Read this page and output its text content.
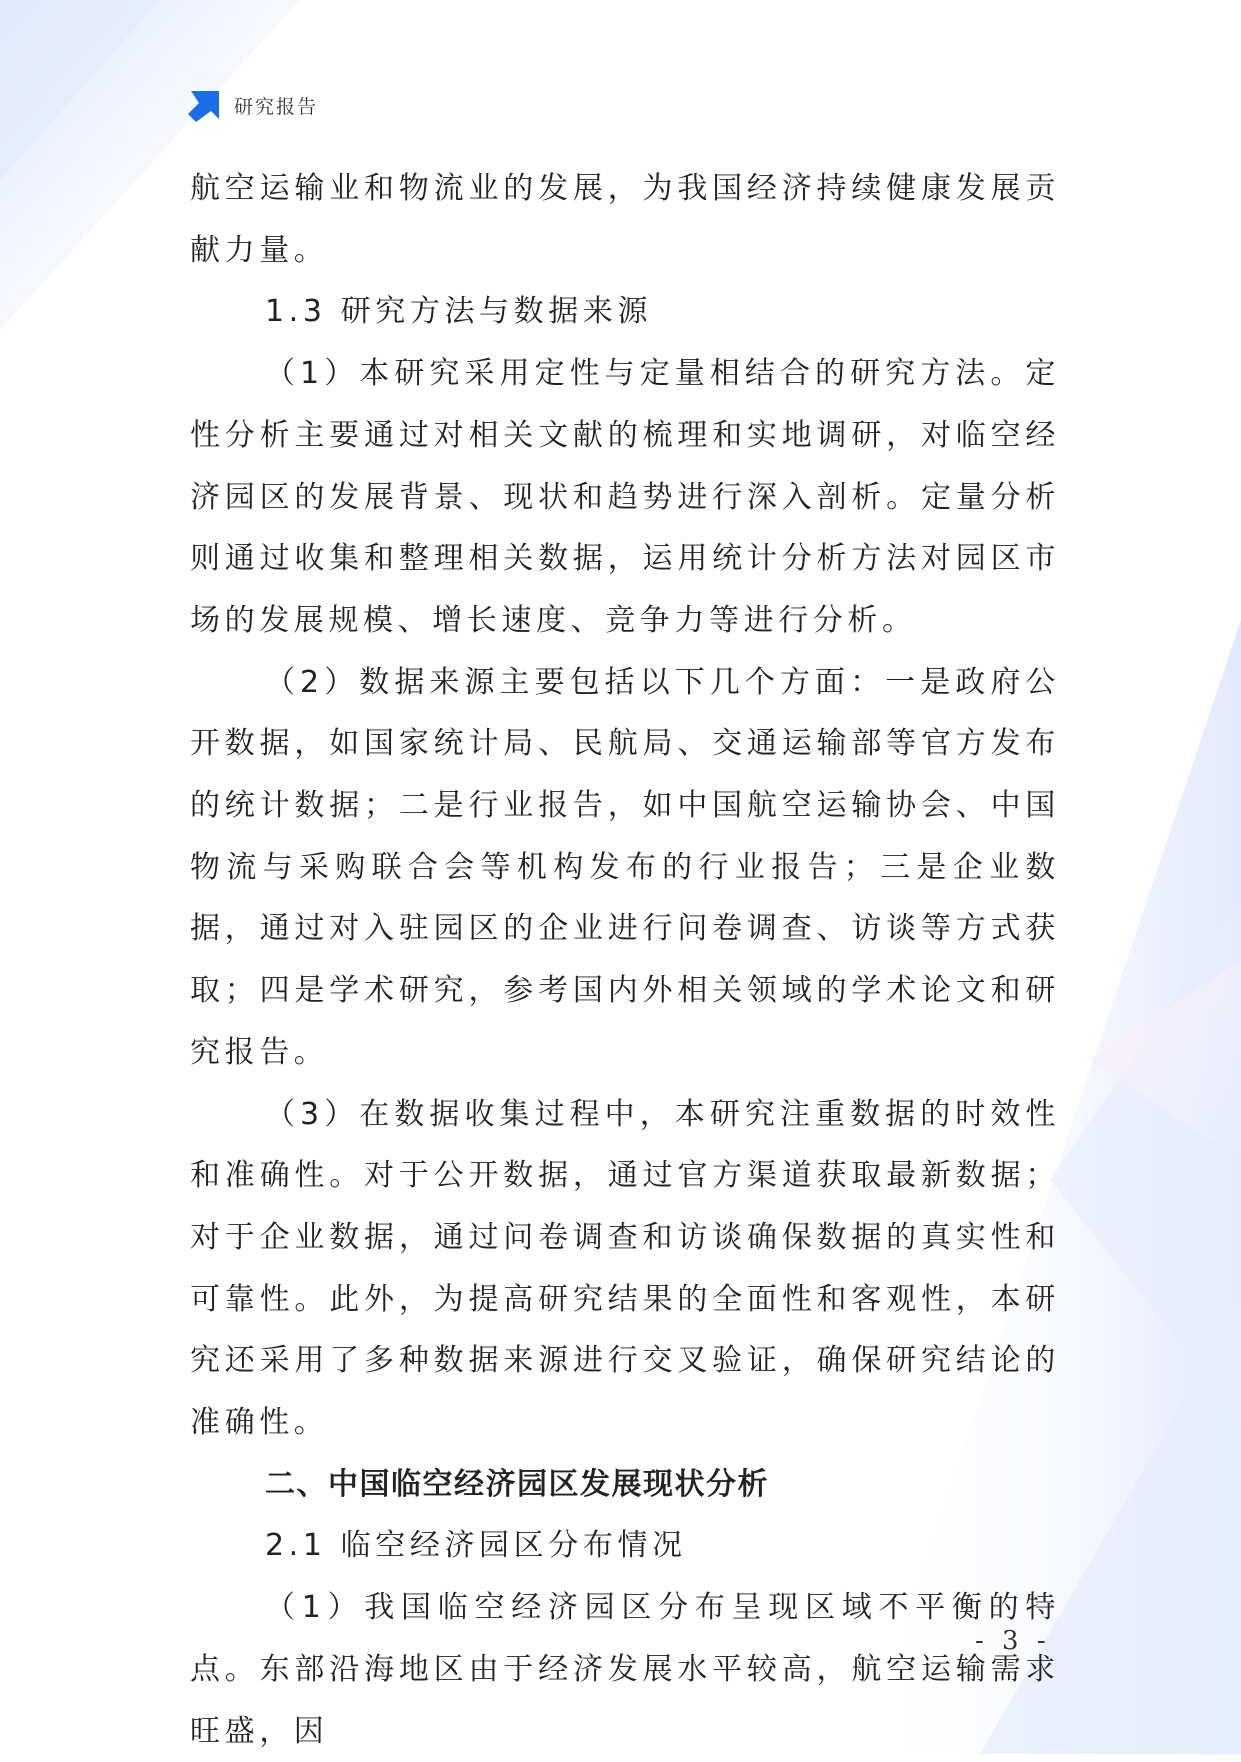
研究报告

航空运输业和物流业的发展，为我国经济持续健康发展贡献力量。

1.3 研究方法与数据来源

（1）本研究采用定性与定量相结合的研究方法。定性分析主要通过对相关文献的梳理和实地调研，对临空经济园区的发展背景、现状和趋势进行深入剖析。定量分析则通过收集和整理相关数据，运用统计分析方法对园区市场的发展规模、增长速度、竞争力等进行分析。

（2）数据来源主要包括以下几个方面：一是政府公开数据，如国家统计局、民航局、交通运输部等官方发布的统计数据；二是行业报告，如中国航空运输协会、中国物流与采购联合会等机构发布的行业报告；三是企业数据，通过对入驻园区的企业进行问卷调查、访谈等方式获取；四是学术研究，参考国内外相关领域的学术论文和研究报告。

（3）在数据收集过程中，本研究注重数据的时效性和准确性。对于公开数据，通过官方渠道获取最新数据；对于企业数据，通过问卷调查和访谈确保数据的真实性和可靠性。此外，为提高研究结果的全面性和客观性，本研究还采用了多种数据来源进行交叉验证，确保研究结论的准确性。

二、中国临空经济园区发展现状分析

2.1 临空经济园区分布情况

（1）我国临空经济园区分布呈现区域不平衡的特点。东部沿海地区由于经济发展水平较高，航空运输需求旺盛，因

- 3 -
